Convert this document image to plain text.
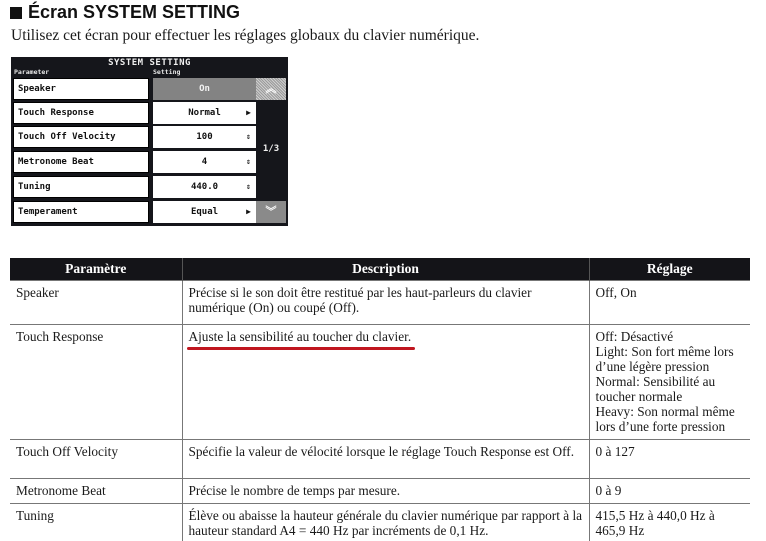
Écran SYSTEM SETTING
Utilisez cet écran pour effectuer les réglages globaux du clavier numérique.
SYSTEM SETTING
Parameter	Setting
Speaker	On
Touch Response	Normal	▶
Touch Off Velocity	100	⇕
Metronome Beat	4	⇕
Tuning	440.0	⇕
Temperament	Equal	▶
︽
1/3
︾
Paramètre	Description	Réglage
Speaker	Précise si le son doit être restitué par les haut-parleurs du clavier numérique (On) ou coupé (Off).	Off, On
Touch Response	Ajuste la sensibilité au toucher du clavier.	Off: Désactivé
Light: Son fort même lors d’une légère pression
Normal: Sensibilité au toucher normale
Heavy: Son normal même lors d’une forte pression

Touch Off Velocity	Spécifie la valeur de vélocité lorsque le réglage Touch Response est Off.	0 à 127
Metronome Beat	Précise le nombre de temps par mesure.	0 à 9
Tuning	Élève ou abaisse la hauteur générale du clavier numérique par rapport à la hauteur standard A4 = 440 Hz par incréments de 0,1 Hz.	415,5 Hz à 440,0 Hz à 465,9 Hz
